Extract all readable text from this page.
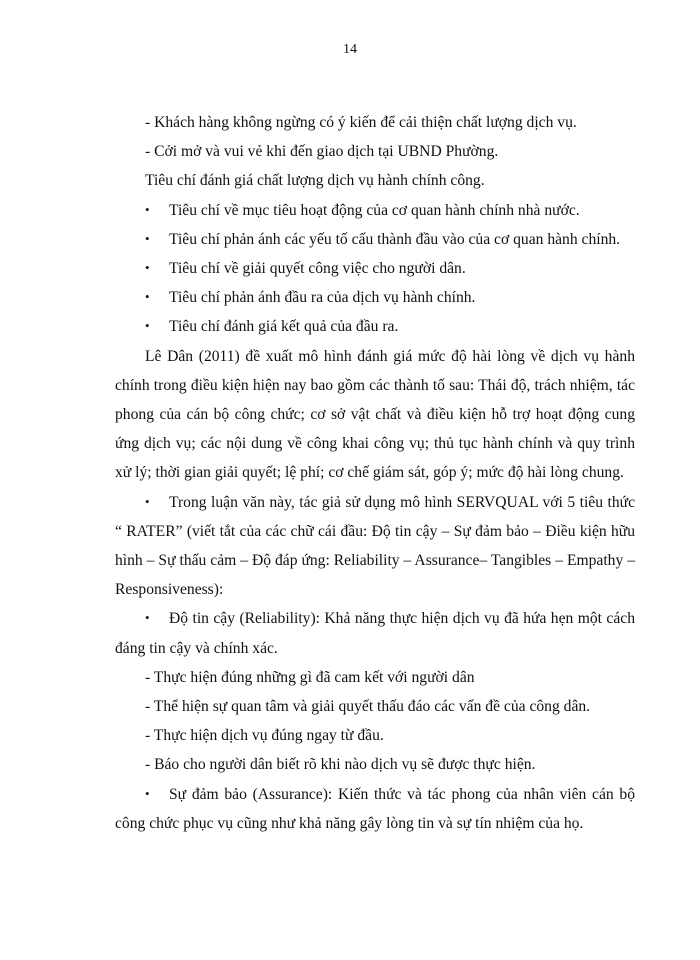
14

- Khách hàng không ngừng có ý kiến để cải thiện chất lượng dịch vụ.

- Cởi mở và vui vẻ khi đến giao dịch tại UBND Phường.

Tiêu chí đánh giá chất lượng dịch vụ hành chính công.

•Tiêu chí về mục tiêu hoạt động của cơ quan hành chính nhà nước.

•Tiêu chí phản ánh các yếu tố cấu thành đầu vào của cơ quan hành chính.

•Tiêu chí về giải quyết công việc cho người dân.

•Tiêu chí phản ánh đầu ra của dịch vụ hành chính.

•Tiêu chí đánh giá kết quả của đầu ra.

Lê Dân (2011) đề xuất mô hình đánh giá mức độ hài lòng về dịch vụ hành chính trong điều kiện hiện nay bao gồm các thành tố sau: Thái độ, trách nhiệm, tác phong của cán bộ công chức; cơ sở vật chất và điều kiện hỗ trợ hoạt động cung ứng dịch vụ; các nội dung về công khai công vụ; thủ tục hành chính và quy trình xử lý; thời gian giải quyết; lệ phí; cơ chế giám sát, góp ý; mức độ hài lòng chung.

•Trong luận văn này, tác giả sử dụng mô hình SERVQUAL với 5 tiêu thức “ RATER” (viết tắt của các chữ cái đầu: Độ tin cậy – Sự đảm bảo – Điều kiện hữu hình – Sự thấu cảm – Độ đáp ứng: Reliability – Assurance– Tangibles – Empathy – Responsiveness):

•Độ tin cậy (Reliability): Khả năng thực hiện dịch vụ đã hứa hẹn một cách đáng tin cậy và chính xác.

- Thực hiện đúng những gì đã cam kết với người dân

- Thể hiện sự quan tâm và giải quyết thấu đáo các vấn đề của công dân.

- Thực hiện dịch vụ đúng ngay từ đầu.

- Báo cho người dân biết rõ khi nào dịch vụ sẽ được thực hiện.

•Sự đảm bảo (Assurance): Kiến thức và tác phong của nhân viên cán bộ công chức phục vụ cũng như khả năng gây lòng tin và sự tín nhiệm của họ.
